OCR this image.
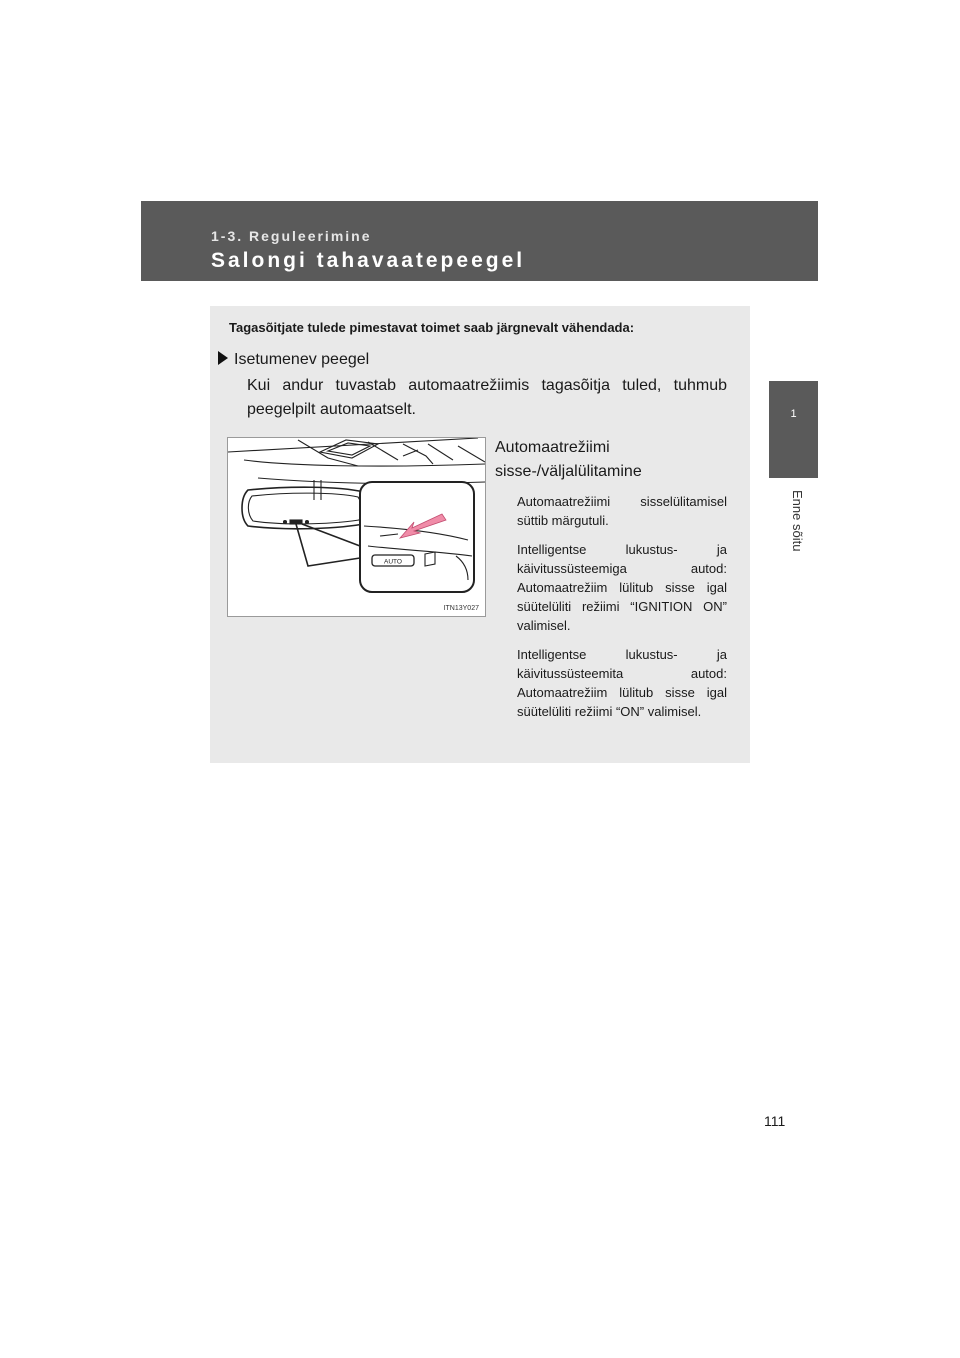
1-3. Reguleerimine
Salongi tahavaatepeegel
1
Enne sõitu
Tagasõitjate tulede pimestavat toimet saab järgnevalt vähendada:
Isetumenev peegel
Kui andur tuvastab automaatrežiimis tagasõitja tuled, tuhmub peegelpilt automaatselt.
AUTO
ITN13Y027
Automaatrežiimi sisse-/väljalülitamine
Automaatrežiimi sisselülitamisel süttib märgutuli.
Intelligentse lukustus- ja käivitussüsteemiga autod: Automaatrežiim lülitub sisse igal süütelüliti režiimi “IGNITION ON” valimisel.
Intelligentse lukustus- ja käivitussüsteemita autod: Automaatrežiim lülitub sisse igal süütelüliti režiimi “ON” valimisel.
111
